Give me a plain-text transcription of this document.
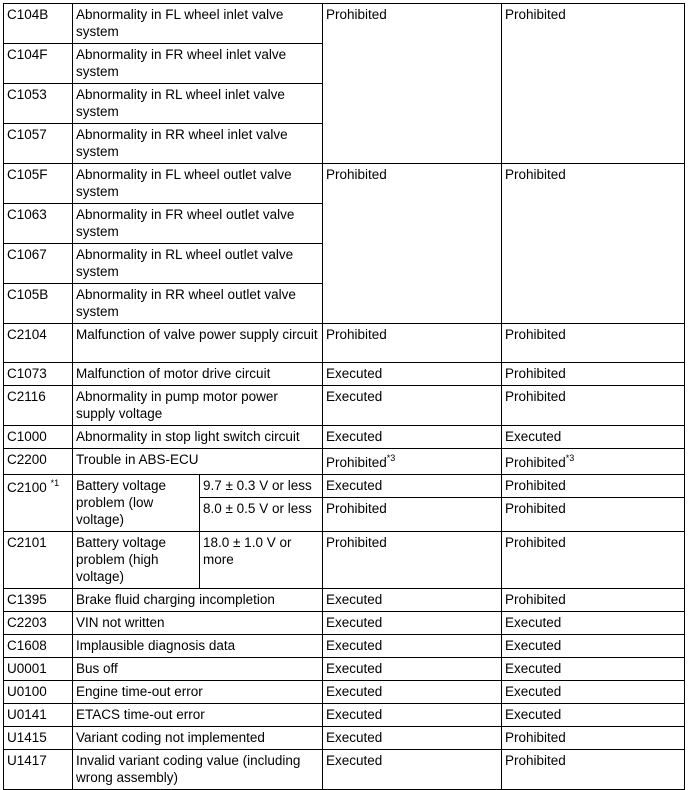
C104B	Abnormality in FL wheel inlet valve system		Prohibited	Prohibited
C104F	Abnormality in FR wheel inlet valve system			
C1053	Abnormality in RL wheel inlet valve system			
C1057	Abnormality in RR wheel inlet valve system			
C105F	Abnormality in FL wheel outlet valve system		Prohibited	Prohibited
C1063	Abnormality in FR wheel outlet valve system			
C1067	Abnormality in RL wheel outlet valve system			
C105B	Abnormality in RR wheel outlet valve system			
C2104	Malfunction of valve power supply circuit		Prohibited	Prohibited
C1073	Malfunction of motor drive circuit		Executed	Prohibited
C2116	Abnormality in pump motor power supply voltage		Executed	Prohibited
C1000	Abnormality in stop light switch circuit		Executed	Executed
C2200	Trouble in ABS-ECU		Prohibited$^{*3}$	Prohibited$^{*3}$
C2100 $^{*1}$	Battery voltage problem (low voltage)	9.7 ± 0.3 V or less	Executed	Prohibited
		8.0 ± 0.5 V or less	Prohibited	Prohibited
C2101	Battery voltage problem (high voltage)	18.0 ± 1.0 V or more	Prohibited	Prohibited
C1395	Brake fluid charging incompletion		Executed	Prohibited
C2203	VIN not written		Executed	Executed
C1608	Implausible diagnosis data		Executed	Executed
U0001	Bus off		Executed	Executed
U0100	Engine time-out error		Executed	Executed
U0141	ETACS time-out error		Executed	Executed
U1415	Variant coding not implemented		Executed	Prohibited
U1417	Invalid variant coding value (including wrong assembly)		Executed	Prohibited
